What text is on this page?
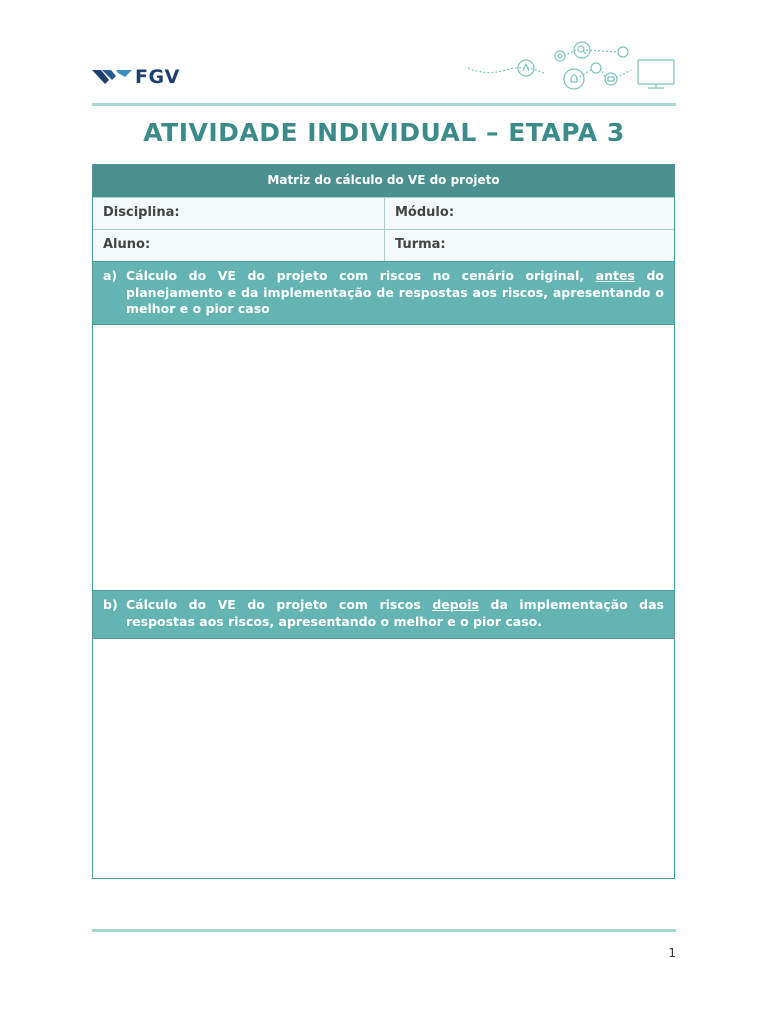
FGV
ATIVIDADE INDIVIDUAL – ETAPA 3
Matriz do cálculo do VE do projeto
Disciplina:	Módulo:
Aluno:	Turma:
a) Cálculo do VE do projeto com riscos no cenário original, antes do planejamento e da implementação de respostas aos riscos, apresentando o melhor e o pior caso
b) Cálculo do VE do projeto com riscos depois da implementação das respostas aos riscos, apresentando o melhor e o pior caso.
1
